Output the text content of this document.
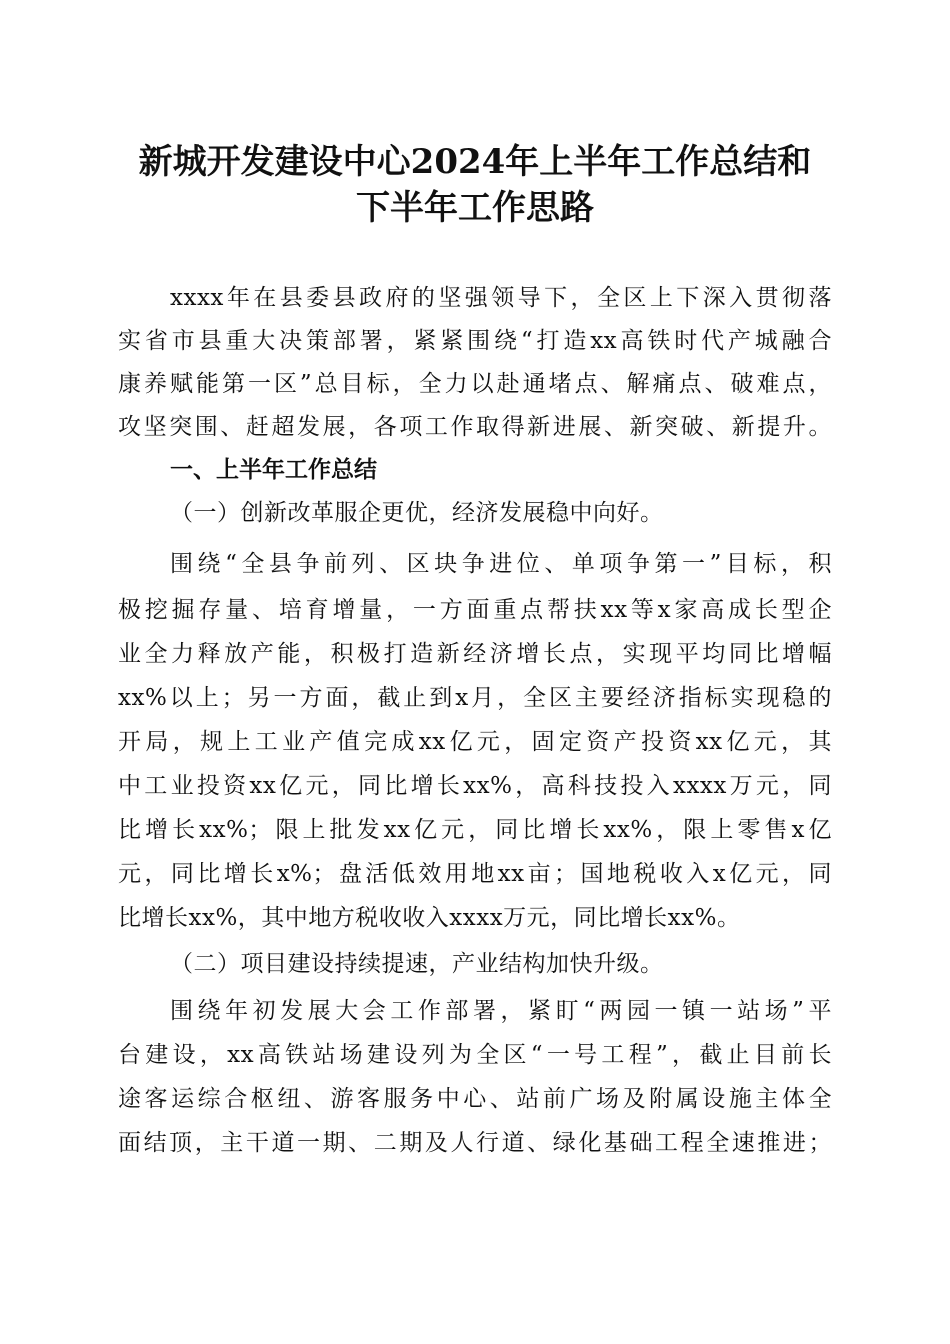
新城开发建设中心2024年上半年工作总结和
下半年工作思路
xxxx年在县委县政府的坚强领导下，全区上下深入贯彻落
实省市县重大决策部署，紧紧围绕“打造xx高铁时代产城融合
康养赋能第一区”总目标，全力以赴通堵点、解痛点、破难点，
攻坚突围、赶超发展，各项工作取得新进展、新突破、新提升。
一、上半年工作总结
（一）创新改革服企更优，经济发展稳中向好。
围绕“全县争前列、区块争进位、单项争第一”目标，积
极挖掘存量、培育增量，一方面重点帮扶xx等x家高成长型企
业全力释放产能，积极打造新经济增长点，实现平均同比增幅
xx%以上；另一方面，截止到x月，全区主要经济指标实现稳的
开局，规上工业产值完成xx亿元，固定资产投资xx亿元，其
中工业投资xx亿元，同比增长xx%，高科技投入xxxx万元，同
比增长xx%；限上批发xx亿元，同比增长xx%，限上零售x亿
元，同比增长x%；盘活低效用地xx亩；国地税收入x亿元，同
比增长xx%，其中地方税收收入xxxx万元，同比增长xx%。
（二）项目建设持续提速，产业结构加快升级。
围绕年初发展大会工作部署，紧盯“两园一镇一站场”平
台建设，xx高铁站场建设列为全区“一号工程”，截止目前长
途客运综合枢纽、游客服务中心、站前广场及附属设施主体全
面结顶，主干道一期、二期及人行道、绿化基础工程全速推进；
